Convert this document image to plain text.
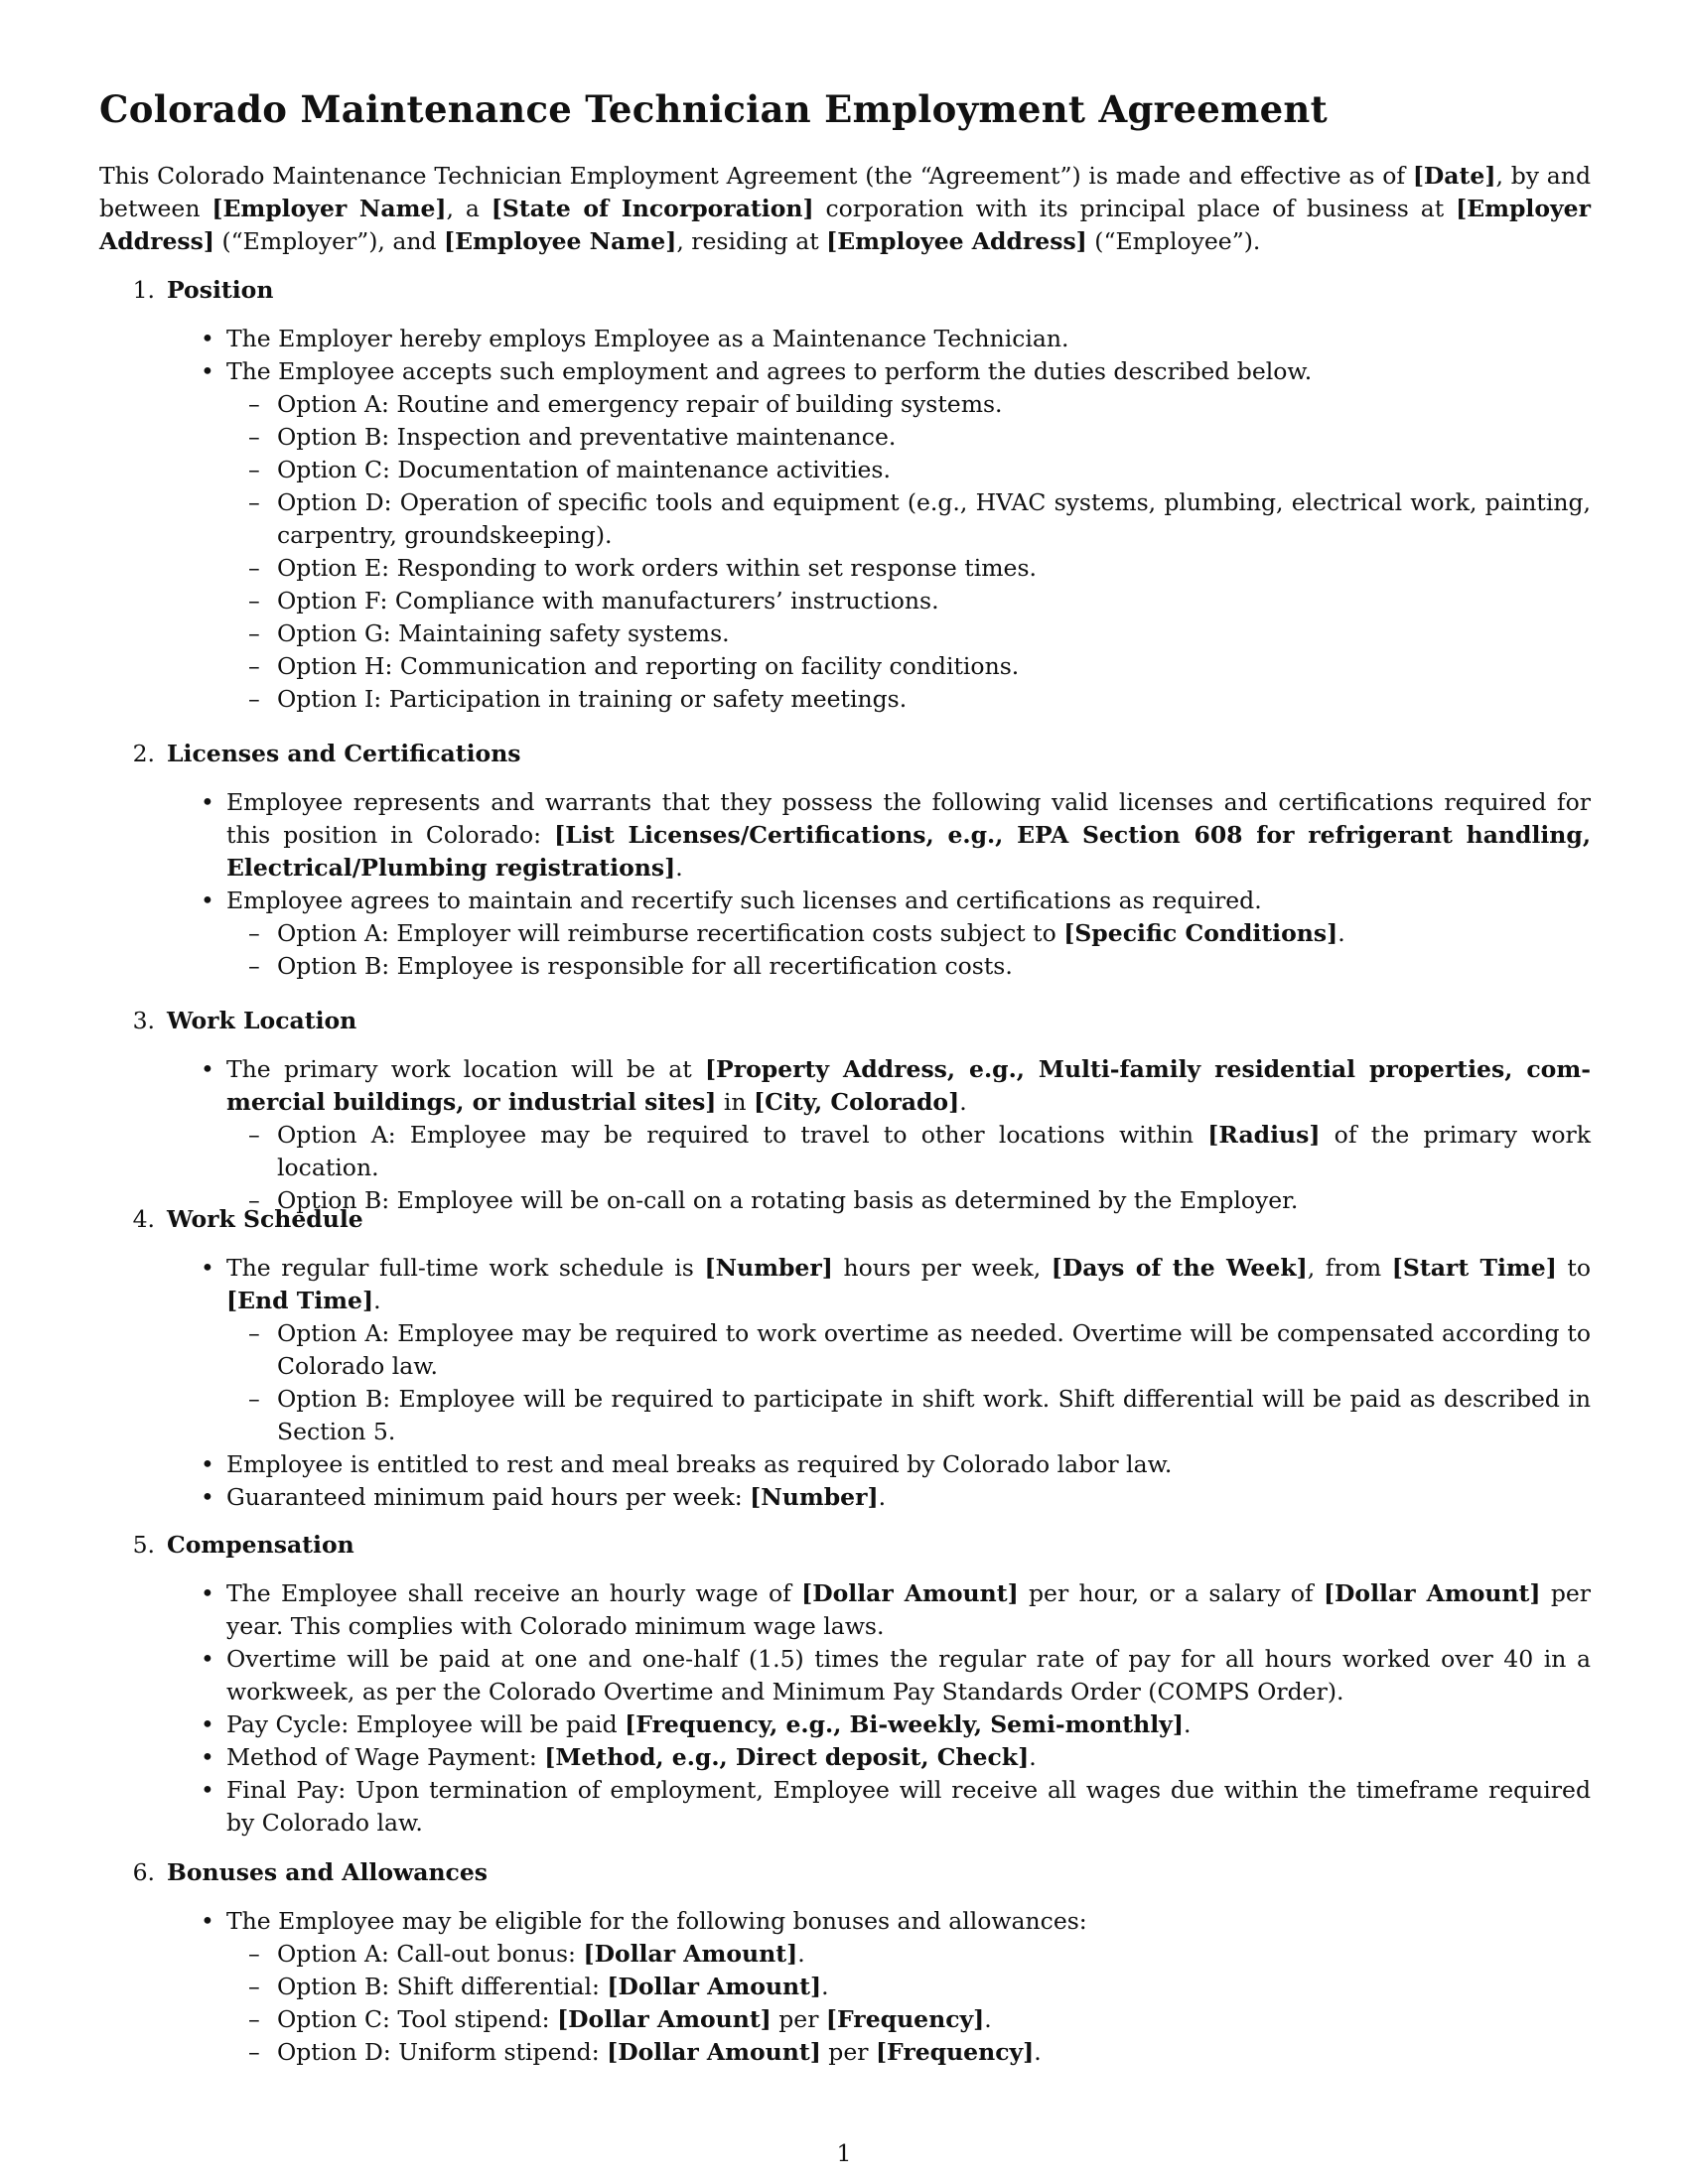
Colorado Maintenance Technician Employment Agreement

This Colorado Maintenance Technician Employment Agreement (the “Agreement”) is made and effective as of [Date], by and between [Employer Name], a [State of Incorporation] corporation with its principal place of business at [Employer Address] (“Employer”), and [Employee Name], residing at [Employee Address] (“Employee”).

1. Position
• The Employer hereby employs Employee as a Maintenance Technician.
• The Employee accepts such employment and agrees to perform the duties described below.
– Option A: Routine and emergency repair of building systems.
– Option B: Inspection and preventative maintenance.
– Option C: Documentation of maintenance activities.
– Option D: Operation of specific tools and equipment (e.g., HVAC systems, plumbing, electrical work, painting, carpentry, groundskeeping).
– Option E: Responding to work orders within set response times.
– Option F: Compliance with manufacturers’ instructions.
– Option G: Maintaining safety systems.
– Option H: Communication and reporting on facility conditions.
– Option I: Participation in training or safety meetings.
2. Licenses and Certifications
• Employee represents and warrants that they possess the following valid licenses and certifications required for this position in Colorado: [List Licenses/Certifications, e.g., EPA Section 608 for refrigerant handling, Electrical/Plumbing registrations].
• Employee agrees to maintain and recertify such licenses and certifications as required.
– Option A: Employer will reimburse recertification costs subject to [Specific Conditions].
– Option B: Employee is responsible for all recertification costs.
3. Work Location
• The primary work location will be at [Property Address, e.g., Multi-family residential properties, commercial buildings, or industrial sites] in [City, Colorado].
– Option A: Employee may be required to travel to other locations within [Radius] of the primary work location.
– Option B: Employee will be on-call on a rotating basis as determined by the Employer.
4. Work Schedule
• The regular full-time work schedule is [Number] hours per week, [Days of the Week], from [Start Time] to [End Time].
– Option A: Employee may be required to work overtime as needed. Overtime will be compensated according to Colorado law.
– Option B: Employee will be required to participate in shift work. Shift differential will be paid as described in Section 5.
• Employee is entitled to rest and meal breaks as required by Colorado labor law.
• Guaranteed minimum paid hours per week: [Number].
5. Compensation
• The Employee shall receive an hourly wage of [Dollar Amount] per hour, or a salary of [Dollar Amount] per year. This complies with Colorado minimum wage laws.
• Overtime will be paid at one and one-half (1.5) times the regular rate of pay for all hours worked over 40 in a workweek, as per the Colorado Overtime and Minimum Pay Standards Order (COMPS Order).
• Pay Cycle: Employee will be paid [Frequency, e.g., Bi-weekly, Semi-monthly].
• Method of Wage Payment: [Method, e.g., Direct deposit, Check].
• Final Pay: Upon termination of employment, Employee will receive all wages due within the timeframe required by Colorado law.
6. Bonuses and Allowances
• The Employee may be eligible for the following bonuses and allowances:
– Option A: Call-out bonus: [Dollar Amount].
– Option B: Shift differential: [Dollar Amount].
– Option C: Tool stipend: [Dollar Amount] per [Frequency].
– Option D: Uniform stipend: [Dollar Amount] per [Frequency].
1
